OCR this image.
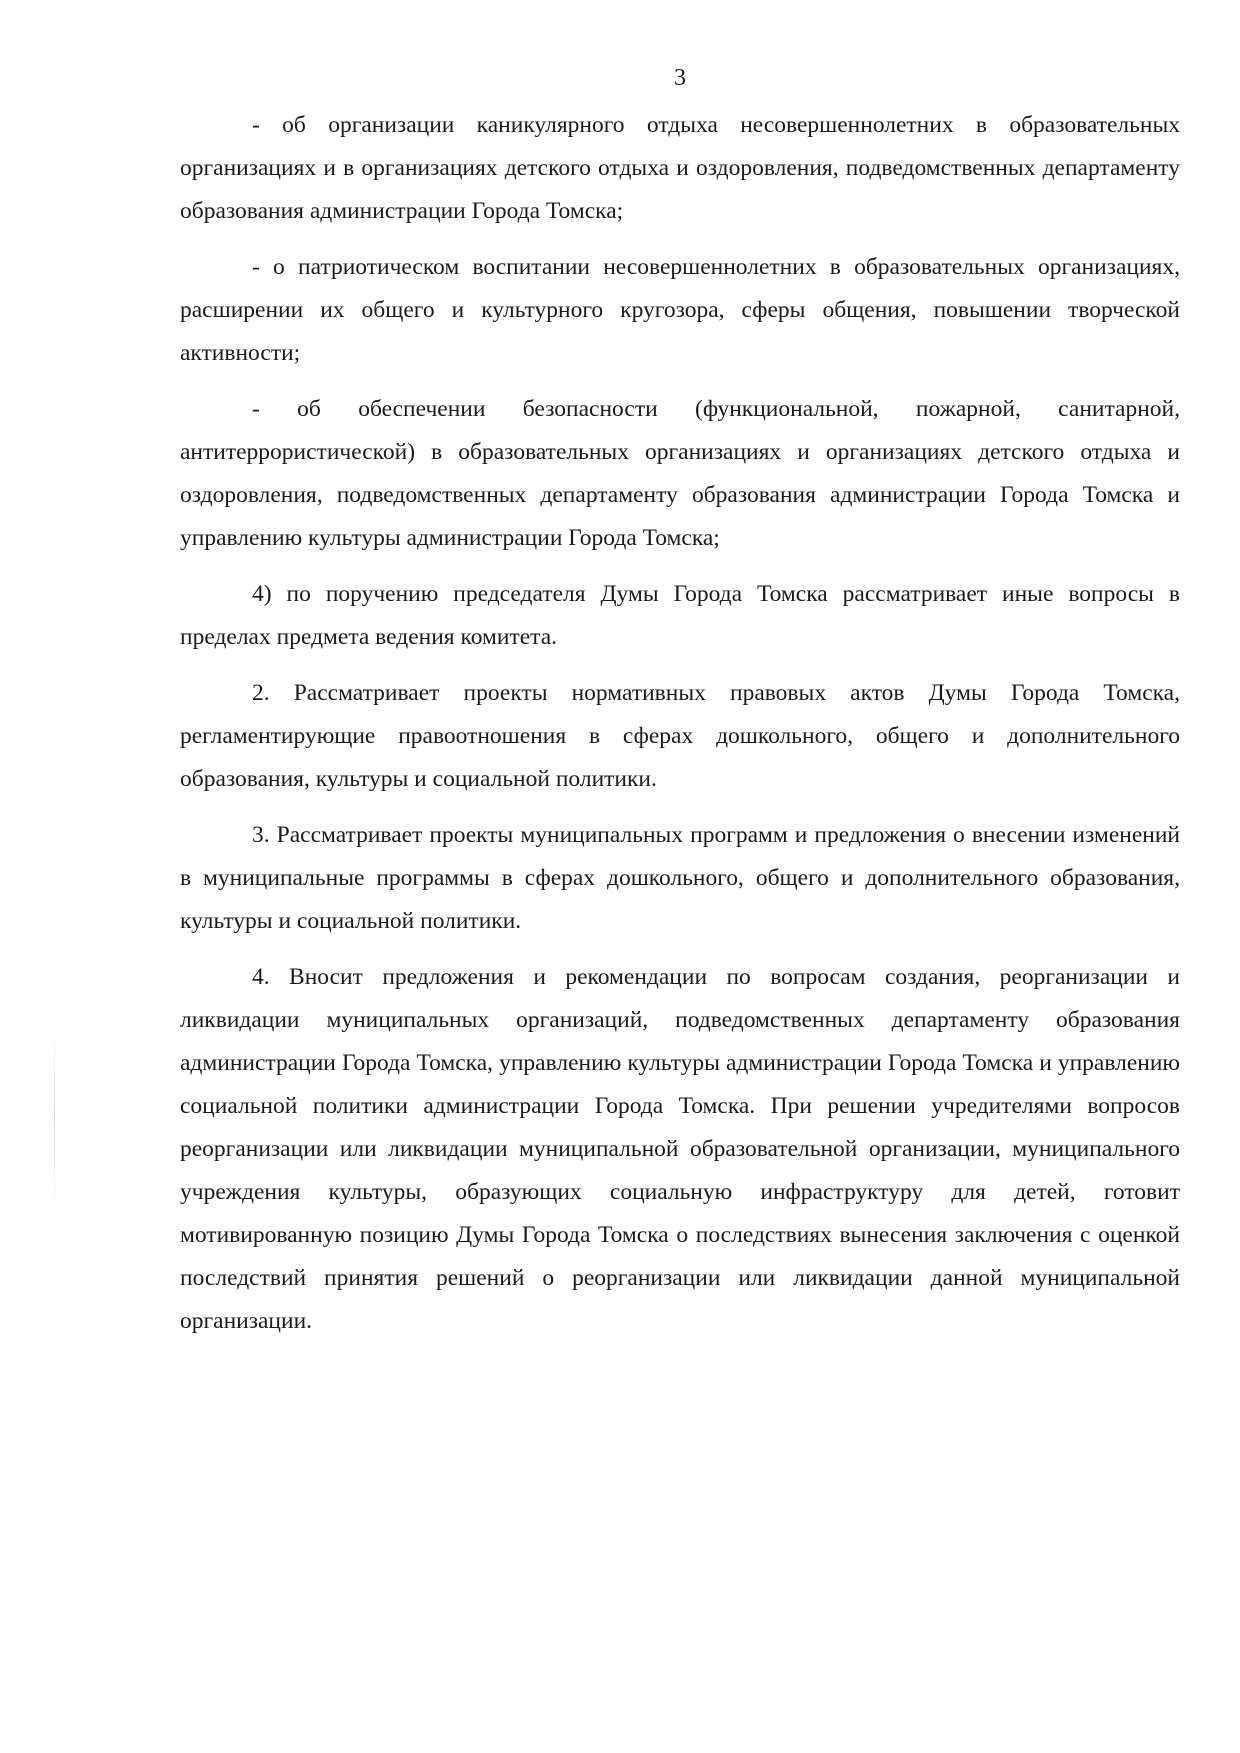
3

- об организации каникулярного отдыха несовершеннолетних в образовательных организациях и в организациях детского отдыха и оздоровления, подведомственных департаменту образования администрации Города Томска;

- о патриотическом воспитании несовершеннолетних в образовательных организациях, расширении их общего и культурного кругозора, сферы общения, повышении творческой активности;

- об обеспечении безопасности (функциональной, пожарной, санитарной, антитеррористической) в образовательных организациях и организациях детского отдыха и оздоровления, подведомственных департаменту образования администрации Города Томска и управлению культуры администрации Города Томска;

4) по поручению председателя Думы Города Томска рассматривает иные вопросы в пределах предмета ведения комитета.

2. Рассматривает проекты нормативных правовых актов Думы Города Томска, регламентирующие правоотношения в сферах дошкольного, общего и дополнительного образования, культуры и социальной политики.

3. Рассматривает проекты муниципальных программ и предложения о внесении изменений в муниципальные программы в сферах дошкольного, общего и дополнительного образования, культуры и социальной политики.

4. Вносит предложения и рекомендации по вопросам создания, реорганизации и ликвидации муниципальных организаций, подведомственных департаменту образования администрации Города Томска, управлению культуры администрации Города Томска и управлению социальной политики администрации Города Томска. При решении учредителями вопросов реорганизации или ликвидации муниципальной образовательной организации, муниципального учреждения культуры, образующих социальную инфраструктуру для детей, готовит мотивированную позицию Думы Города Томска о последствиях вынесения заключения с оценкой последствий принятия решений о реорганизации или ликвидации данной муниципальной организации.
